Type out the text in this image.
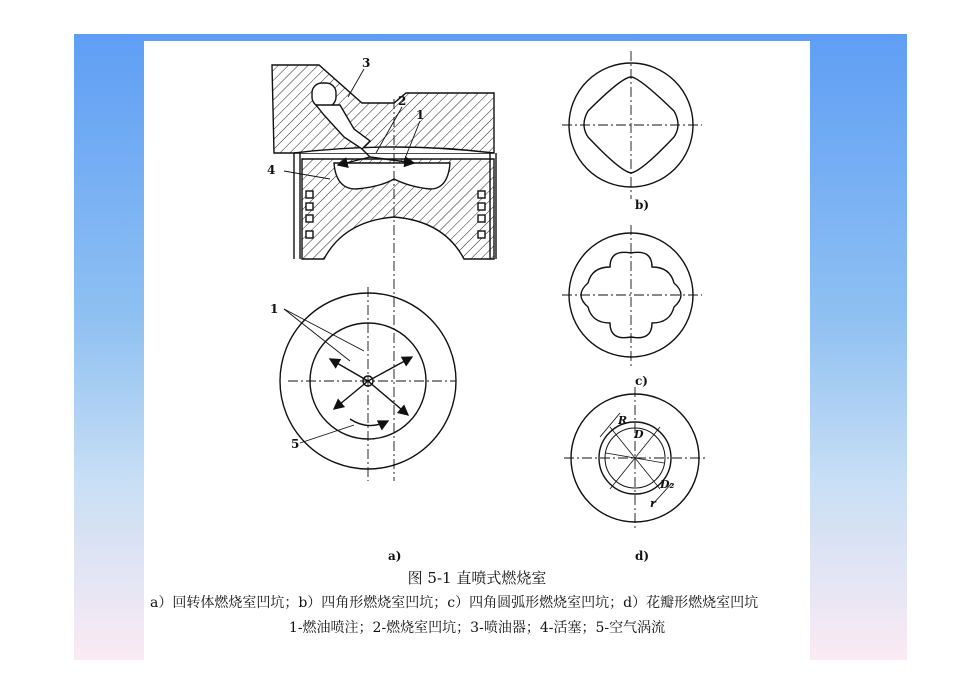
3
2
1
4
1
5
a)
b)
c)
d)
R
D
D₂
r
图 5-1 直喷式燃烧室
a）回转体燃烧室凹坑；b）四角形燃烧室凹坑；c）四角圆弧形燃烧室凹坑；d）花瓣形燃烧室凹坑
1-燃油喷注；2-燃烧室凹坑；3-喷油器；4-活塞；5-空气涡流
